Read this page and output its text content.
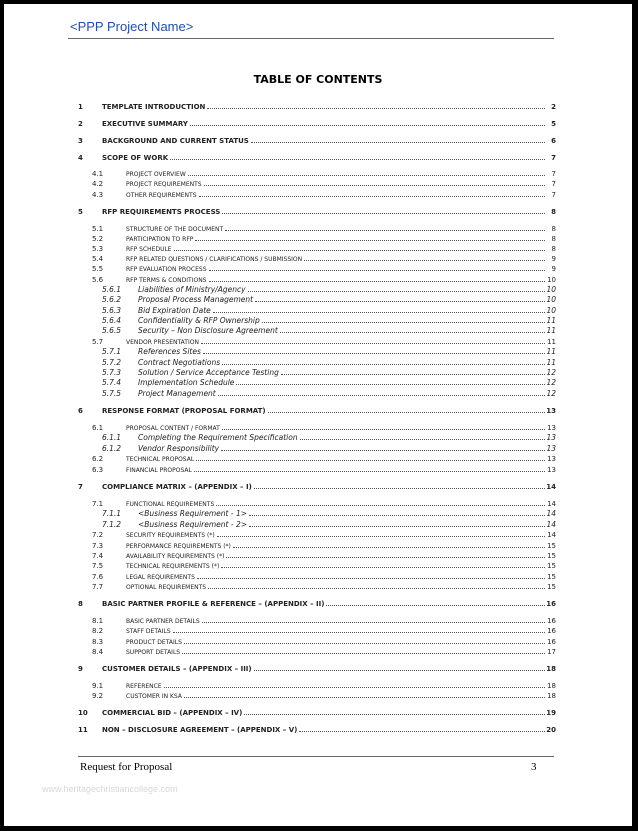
<PPP Project Name>
TABLE OF CONTENTS
1	TEMPLATE INTRODUCTION	2
2	EXECUTIVE SUMMARY	5
3	BACKGROUND AND CURRENT STATUS	6
4	SCOPE OF WORK	7
4.1	PROJECT OVERVIEW	7
4.2	PROJECT REQUIREMENTS	7
4.3	OTHER REQUIREMENTS	7
5	RFP REQUIREMENTS PROCESS	8
5.1	STRUCTURE OF THE DOCUMENT	8
5.2	PARTICIPATION TO RFP	8
5.3	RFP SCHEDULE	8
5.4	RFP RELATED QUESTIONS / CLARIFICATIONS / SUBMISSION	9
5.5	RFP EVALUATION PROCESS	9
5.6	RFP TERMS & CONDITIONS	10
5.6.1 Liabilities of Ministry/Agency	10
5.6.2 Proposal Process Management	10
5.6.3 Bid Expiration Date	10
5.6.4 Confidentiality & RFP Ownership	11
5.6.5 Security – Non Disclosure Agreement	11
5.7	VENDOR PRESENTATION	11
5.7.1 References Sites	11
5.7.2 Contract Negotiations	11
5.7.3 Solution / Service Acceptance Testing	12
5.7.4 Implementation Schedule	12
5.7.5 Project Management	12
6	RESPONSE FORMAT (PROPOSAL FORMAT)	13
6.1	PROPOSAL CONTENT / FORMAT	13
6.1.1 Completing the Requirement Specification	13
6.1.2 Vendor Responsibility	13
6.2	TECHNICAL PROPOSAL	13
6.3	FINANCIAL PROPOSAL	13
7	COMPLIANCE MATRIX – (APPENDIX – I)	14
7.1	FUNCTIONAL REQUIREMENTS	14
7.1.1 <Business Requirement - 1>	14
7.1.2 <Business Requirement - 2>	14
7.2	SECURITY REQUIREMENTS (*)	14
7.3	PERFORMANCE REQUIREMENTS (*)	15
7.4	AVAILABILITY REQUIREMENTS (*)	15
7.5	TECHNICAL REQUIREMENTS (*)	15
7.6	LEGAL REQUIREMENTS	15
7.7	OPTIONAL REQUIREMENTS	15
8	BASIC PARTNER PROFILE & REFERENCE – (APPENDIX – II)	16
8.1	BASIC PARTNER DETAILS	16
8.2	STAFF DETAILS	16
8.3	PRODUCT DETAILS	16
8.4	SUPPORT DETAILS	17
9	CUSTOMER DETAILS – (APPENDIX – III)	18
9.1	REFERENCE	18
9.2	CUSTOMER IN KSA	18
10 COMMERCIAL BID – (APPENDIX – IV)	19
11 NON – DISCLOSURE AGREEMENT – (APPENDIX – V)	20
Request for Proposal	3
www.heritagechristiancollege.com
